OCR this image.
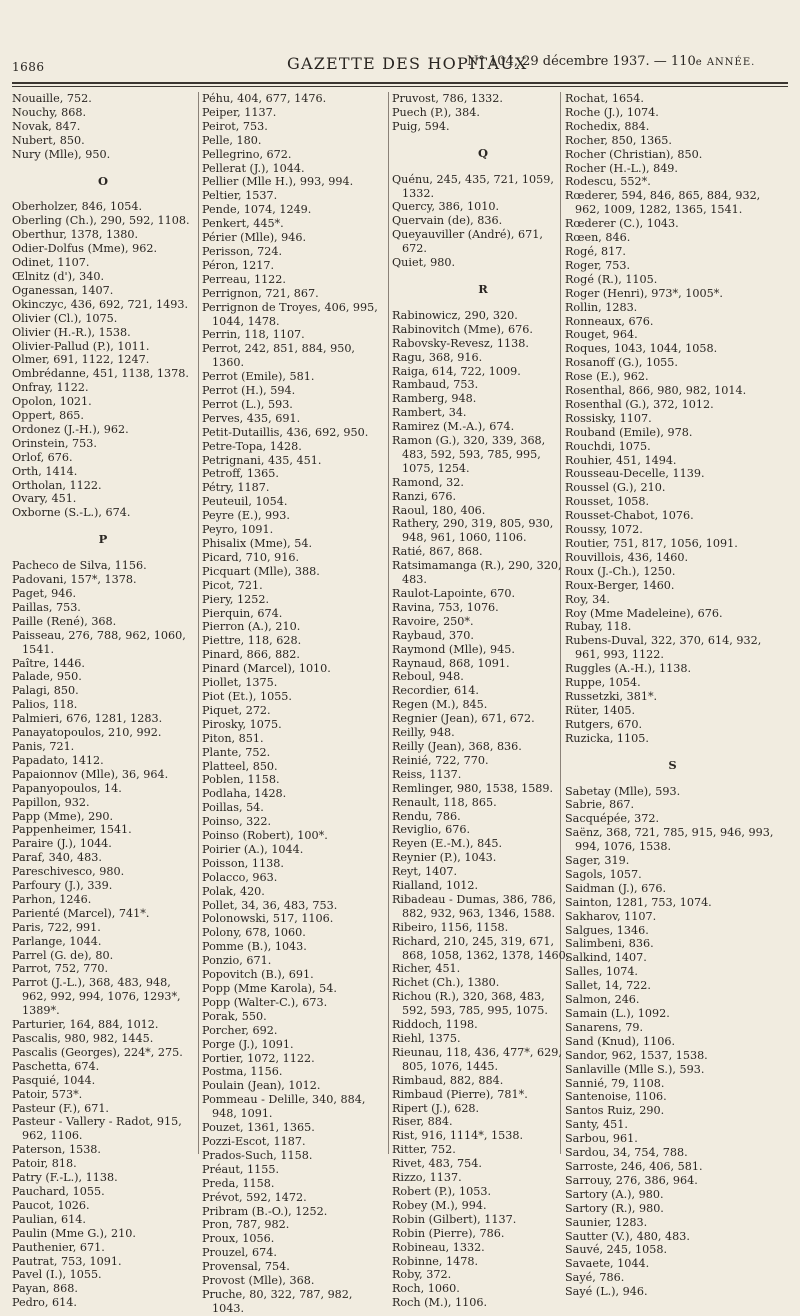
1686	GAZETTE DES HOPITAUX
N° 104, 29 décembre 1937. — 110e ANNÉE.

Nouaille, 752.

Nouchy, 868.

Novak, 847.

Nubert, 850.

Nury (Mlle), 950.

O

Oberholzer, 846, 1054.

Oberling (Ch.), 290, 592, 1108.

Oberthur, 1378, 1380.

Odier-Dolfus (Mme), 962.

Odinet, 1107.

Œlnitz (d'), 340.

Oganessan, 1407.

Okinczyc, 436, 692, 721, 1493.

Olivier (Cl.), 1075.

Olivier (H.-R.), 1538.

Olivier-Pallud (P.), 1011.

Olmer, 691, 1122, 1247.

Ombrédanne, 451, 1138, 1378.

Onfray, 1122.

Opolon, 1021.

Oppert, 865.

Ordonez (J.-H.), 962.

Orinstein, 753.

Orlof, 676.

Orth, 1414.

Ortholan, 1122.

Ovary, 451.

Oxborne (S.-L.), 674.

P

Pacheco de Silva, 1156.

Padovani, 157*, 1378.

Paget, 946.

Paillas, 753.

Paille (René), 368.

Paisseau, 276, 788, 962, 1060, 1541.

Paître, 1446.

Palade, 950.

Palagi, 850.

Palios, 118.

Palmieri, 676, 1281, 1283.

Panayatopoulos, 210, 992.

Panis, 721.

Papadato, 1412.

Papaionnov (Mlle), 36, 964.

Papanyopoulos, 14.

Papillon, 932.

Papp (Mme), 290.

Pappenheimer, 1541.

Paraire (J.), 1044.

Paraf, 340, 483.

Pareschivesco, 980.

Parfoury (J.), 339.

Parhon, 1246.

Parienté (Marcel), 741*.

Paris, 722, 991.

Parlange, 1044.

Parrel (G. de), 80.

Parrot, 752, 770.

Parrot (J.-L.), 368, 483, 948, 962, 992, 994, 1076, 1293*, 1389*.

Parturier, 164, 884, 1012.

Pascalis, 980, 982, 1445.

Pascalis (Georges), 224*, 275.

Paschetta, 674.

Pasquié, 1044.

Patoir, 573*.

Pasteur (F.), 671.

Pasteur - Vallery - Radot, 915, 962, 1106.

Paterson, 1538.

Patoir, 818.

Patry (F.-L.), 1138.

Pauchard, 1055.

Paucot, 1026.

Paulian, 614.

Paulin (Mme G.), 210.

Pauthenier, 671.

Pautrat, 753, 1091.

Pavel (I.), 1055.

Payan, 868.

Pedro, 614.

Péhu, 404, 677, 1476.

Peiper, 1137.

Peirot, 753.

Pelle, 180.

Pellegrino, 672.

Pellerat (J.), 1044.

Pellier (Mlle H.), 993, 994.

Peltier, 1537.

Pende, 1074, 1249.

Penkert, 445*.

Périer (Mlle), 946.

Perisson, 724.

Péron, 1217.

Perreau, 1122.

Perrignon, 721, 867.

Perrignon de Troyes, 406, 995, 1044, 1478.

Perrin, 118, 1107.

Perrot, 242, 851, 884, 950, 1360.

Perrot (Emile), 581.

Perrot (H.), 594.

Perrot (L.), 593.

Perves, 435, 691.

Petit-Dutaillis, 436, 692, 950.

Petre-Topa, 1428.

Petrignani, 435, 451.

Petroff, 1365.

Pétry, 1187.

Peuteuil, 1054.

Peyre (E.), 993.

Peyro, 1091.

Phisalix (Mme), 54.

Picard, 710, 916.

Picquart (Mlle), 388.

Picot, 721.

Piery, 1252.

Pierquin, 674.

Pierron (A.), 210.

Piettre, 118, 628.

Pinard, 866, 882.

Pinard (Marcel), 1010.

Piollet, 1375.

Piot (Et.), 1055.

Piquet, 272.

Pirosky, 1075.

Piton, 851.

Plante, 752.

Platteel, 850.

Poblen, 1158.

Podlaha, 1428.

Poillas, 54.

Poinso, 322.

Poinso (Robert), 100*.

Poirier (A.), 1044.

Poisson, 1138.

Polacco, 963.

Polak, 420.

Pollet, 34, 36, 483, 753.

Polonowski, 517, 1106.

Polony, 678, 1060.

Pomme (B.), 1043.

Ponzio, 671.

Popovitch (B.), 691.

Popp (Mme Karola), 54.

Popp (Walter-C.), 673.

Porak, 550.

Porcher, 692.

Porge (J.), 1091.

Portier, 1072, 1122.

Postma, 1156.

Poulain (Jean), 1012.

Pommeau - Delille, 340, 884, 948, 1091.

Pouzet, 1361, 1365.

Pozzi-Escot, 1187.

Prados-Such, 1158.

Préaut, 1155.

Preda, 1158.

Prévot, 592, 1472.

Pribram (B.-O.), 1252.

Pron, 787, 982.

Proux, 1056.

Prouzel, 674.

Provensal, 754.

Provost (Mlle), 368.

Pruche, 80, 322, 787, 982, 1043.

Pruvost, 786, 1332.

Puech (P.), 384.

Puig, 594.

Q

Quénu, 245, 435, 721, 1059, 1332.

Quercy, 386, 1010.

Quervain (de), 836.

Queyauviller (André), 671, 672.

Quiet, 980.

R

Rabinowicz, 290, 320.

Rabinovitch (Mme), 676.

Rabovsky-Revesz, 1138.

Ragu, 368, 916.

Raiga, 614, 722, 1009.

Rambaud, 753.

Ramberg, 948.

Rambert, 34.

Ramirez (M.-A.), 674.

Ramon (G.), 320, 339, 368, 483, 592, 593, 785, 995, 1075, 1254.

Ramond, 32.

Ranzi, 676.

Raoul, 180, 406.

Rathery, 290, 319, 805, 930, 948, 961, 1060, 1106.

Ratié, 867, 868.

Ratsimamanga (R.), 290, 320, 483.

Raulot-Lapointe, 670.

Ravina, 753, 1076.

Ravoire, 250*.

Raybaud, 370.

Raymond (Mlle), 945.

Raynaud, 868, 1091.

Reboul, 948.

Recordier, 614.

Regen (M.), 845.

Regnier (Jean), 671, 672.

Reilly, 948.

Reilly (Jean), 368, 836.

Reinié, 722, 770.

Reiss, 1137.

Remlinger, 980, 1538, 1589.

Renault, 118, 865.

Rendu, 786.

Reviglio, 676.

Reyen (E.-M.), 845.

Reynier (P.), 1043.

Reyt, 1407.

Rialland, 1012.

Ribadeau - Dumas, 386, 786, 882, 932, 963, 1346, 1588.

Ribeiro, 1156, 1158.

Richard, 210, 245, 319, 671, 868, 1058, 1362, 1378, 1460.

Richer, 451.

Richet (Ch.), 1380.

Richou (R.), 320, 368, 483, 592, 593, 785, 995, 1075.

Riddoch, 1198.

Riehl, 1375.

Rieunau, 118, 436, 477*, 629, 805, 1076, 1445.

Rimbaud, 882, 884.

Rimbaud (Pierre), 781*.

Ripert (J.), 628.

Riser, 884.

Rist, 916, 1114*, 1538.

Ritter, 752.

Rivet, 483, 754.

Rizzo, 1137.

Robert (P.), 1053.

Robey (M.), 994.

Robin (Gilbert), 1137.

Robin (Pierre), 786.

Robineau, 1332.

Robinne, 1478.

Roby, 372.

Roch, 1060.

Roch (M.), 1106.

Rochat, 1654.

Roche (J.), 1074.

Rochedix, 884.

Rocher, 850, 1365.

Rocher (Christian), 850.

Rocher (H.-L.), 849.

Rodescu, 552*.

Rœderer, 594, 846, 865, 884, 932, 962, 1009, 1282, 1365, 1541.

Rœderer (C.), 1043.

Rœen, 846.

Rogé, 817.

Roger, 753.

Rogé (R.), 1105.

Roger (Henri), 973*, 1005*.

Rollin, 1283.

Ronneaux, 676.

Rouget, 964.

Roques, 1043, 1044, 1058.

Rosanoff (G.), 1055.

Rose (E.), 962.

Rosenthal, 866, 980, 982, 1014.

Rosenthal (G.), 372, 1012.

Rossisky, 1107.

Rouband (Emile), 978.

Rouchdi, 1075.

Rouhier, 451, 1494.

Rousseau-Decelle, 1139.

Roussel (G.), 210.

Rousset, 1058.

Rousset-Chabot, 1076.

Roussy, 1072.

Routier, 751, 817, 1056, 1091.

Rouvillois, 436, 1460.

Roux (J.-Ch.), 1250.

Roux-Berger, 1460.

Roy, 34.

Roy (Mme Madeleine), 676.

Rubay, 118.

Rubens-Duval, 322, 370, 614, 932, 961, 993, 1122.

Ruggles (A.-H.), 1138.

Ruppe, 1054.

Russetzki, 381*.

Rüter, 1405.

Rutgers, 670.

Ruzicka, 1105.

S

Sabetay (Mlle), 593.

Sabrie, 867.

Sacquépée, 372.

Saënz, 368, 721, 785, 915, 946, 993, 994, 1076, 1538.

Sager, 319.

Sagols, 1057.

Saidman (J.), 676.

Sainton, 1281, 753, 1074.

Sakharov, 1107.

Salgues, 1346.

Salimbeni, 836.

Salkind, 1407.

Salles, 1074.

Sallet, 14, 722.

Salmon, 246.

Samain (L.), 1092.

Sanarens, 79.

Sand (Knud), 1106.

Sandor, 962, 1537, 1538.

Sanlaville (Mlle S.), 593.

Sannié, 79, 1108.

Santenoise, 1106.

Santos Ruiz, 290.

Santy, 451.

Sarbou, 961.

Sardou, 34, 754, 788.

Sarroste, 246, 406, 581.

Sarrouy, 276, 386, 964.

Sartory (A.), 980.

Sartory (R.), 980.

Saunier, 1283.

Sautter (V.), 480, 483.

Sauvé, 245, 1058.

Savaete, 1044.

Sayé, 786.

Sayé (L.), 946.
